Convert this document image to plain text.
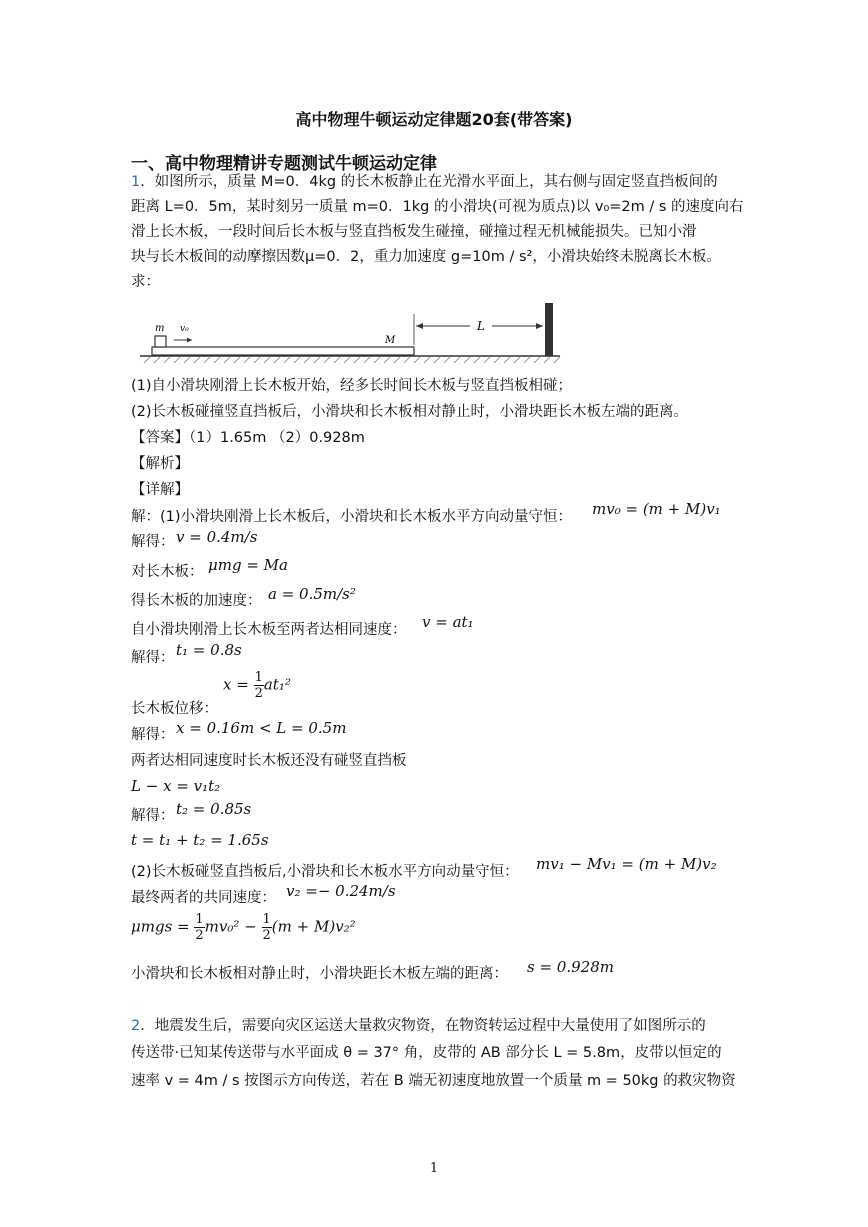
高中物理牛顿运动定律题20套(带答案)
一、高中物理精讲专题测试牛顿运动定律
1．如图所示，质量 M=0．4kg 的长木板静止在光滑水平面上，其右侧与固定竖直挡板间的
距离 L=0．5m，某时刻另一质量 m=0．1kg 的小滑块(可视为质点)以 v₀=2m / s 的速度向右
滑上长木板，一段时间后长木板与竖直挡板发生碰撞，碰撞过程无机械能损失。已知小滑
块与长木板间的动摩擦因数μ=0．2，重力加速度 g=10m / s²，小滑块始终未脱离长木板。
求：
m v₀
M
L
(1)自小滑块刚滑上长木板开始，经多长时间长木板与竖直挡板相碰；
(2)长木板碰撞竖直挡板后，小滑块和长木板相对静止时，小滑块距长木板左端的距离。
【答案】（1）1.65m （2）0.928m
【解析】
【详解】
解：(1)小滑块刚滑上长木板后，小滑块和长木板水平方向动量守恒： mv₀ = (m + M)v₁
解得： v = 0.4m/s
对长木板： μmg = Ma
得长木板的加速度： a = 0.5m/s²
自小滑块刚滑上长木板至两者达相同速度： v = at₁
解得： t₁ = 0.8s
$x = \frac{1}{2} at_1^2$
长木板位移：
解得： x = 0.16m < L = 0.5m
两者达相同速度时长木板还没有碰竖直挡板
L − x = v₁t₂
解得： t₂ = 0.85s
t = t₁ + t₂ = 1.65s
(2)长木板碰竖直挡板后,小滑块和长木板水平方向动量守恒： mv₁ − Mv₁ = (m + M)v₂
最终两者的共同速度： v₂ =− 0.24m/s
$\mu mgs = \frac{1}{2} mv_0^2 - \frac{1}{2} (m + M)v_2^2$
小滑块和长木板相对静止时，小滑块距长木板左端的距离： s = 0.928m
2．地震发生后，需要向灾区运送大量救灾物资，在物资转运过程中大量使用了如图所示的
传送带·已知某传送带与水平面成 θ = 37° 角，皮带的 AB 部分长 L = 5.8m，皮带以恒定的
速率 v = 4m / s 按图示方向传送，若在 B 端无初速度地放置一个质量 m = 50kg 的救灾物资
1
